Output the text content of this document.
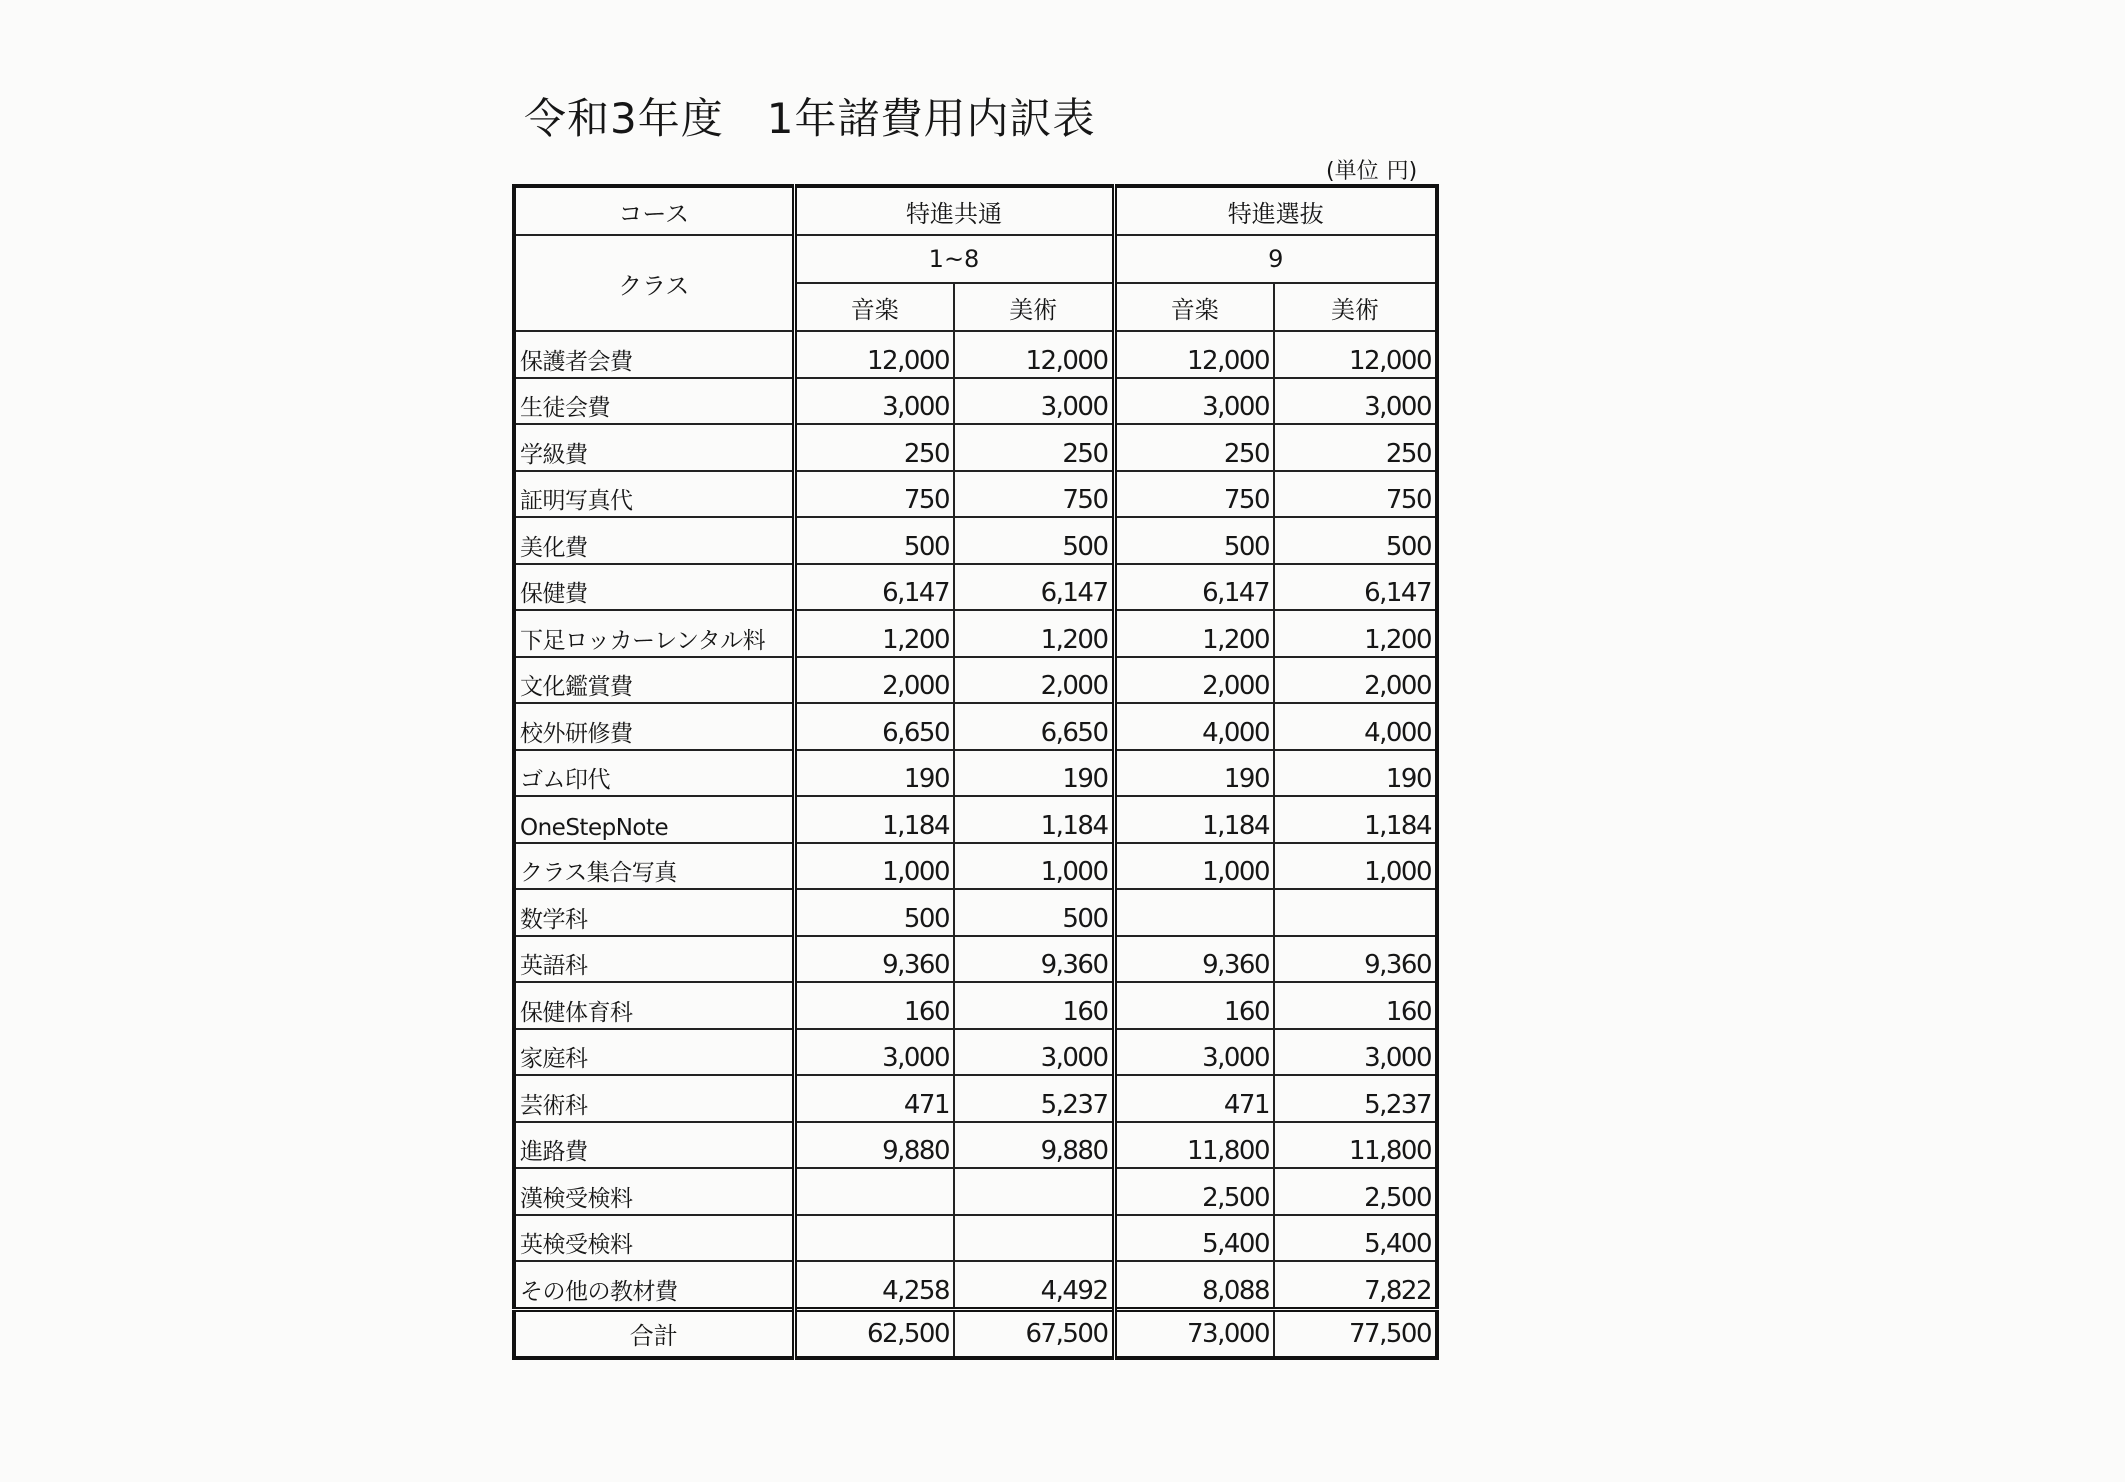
令和3年度　1年諸費用内訳表
(単位 円)
コース	特進共通		特進選抜	
クラス	1~8		9	
	音楽	美術	音楽	美術
保護者会費	12,000	12,000	12,000	12,000
生徒会費	3,000	3,000	3,000	3,000
学級費	250	250	250	250
証明写真代	750	750	750	750
美化費	500	500	500	500
保健費	6,147	6,147	6,147	6,147
下足ロッカーレンタル料	1,200	1,200	1,200	1,200
文化鑑賞費	2,000	2,000	2,000	2,000
校外研修費	6,650	6,650	4,000	4,000
ゴム印代	190	190	190	190
OneStepNote	1,184	1,184	1,184	1,184
クラス集合写真	1,000	1,000	1,000	1,000
数学科	500	500		
英語科	9,360	9,360	9,360	9,360
保健体育科	160	160	160	160
家庭科	3,000	3,000	3,000	3,000
芸術科	471	5,237	471	5,237
進路費	9,880	9,880	11,800	11,800
漢検受検料			2,500	2,500
英検受検料			5,400	5,400
その他の教材費	4,258	4,492	8,088	7,822
合計	62,500	67,500	73,000	77,500
